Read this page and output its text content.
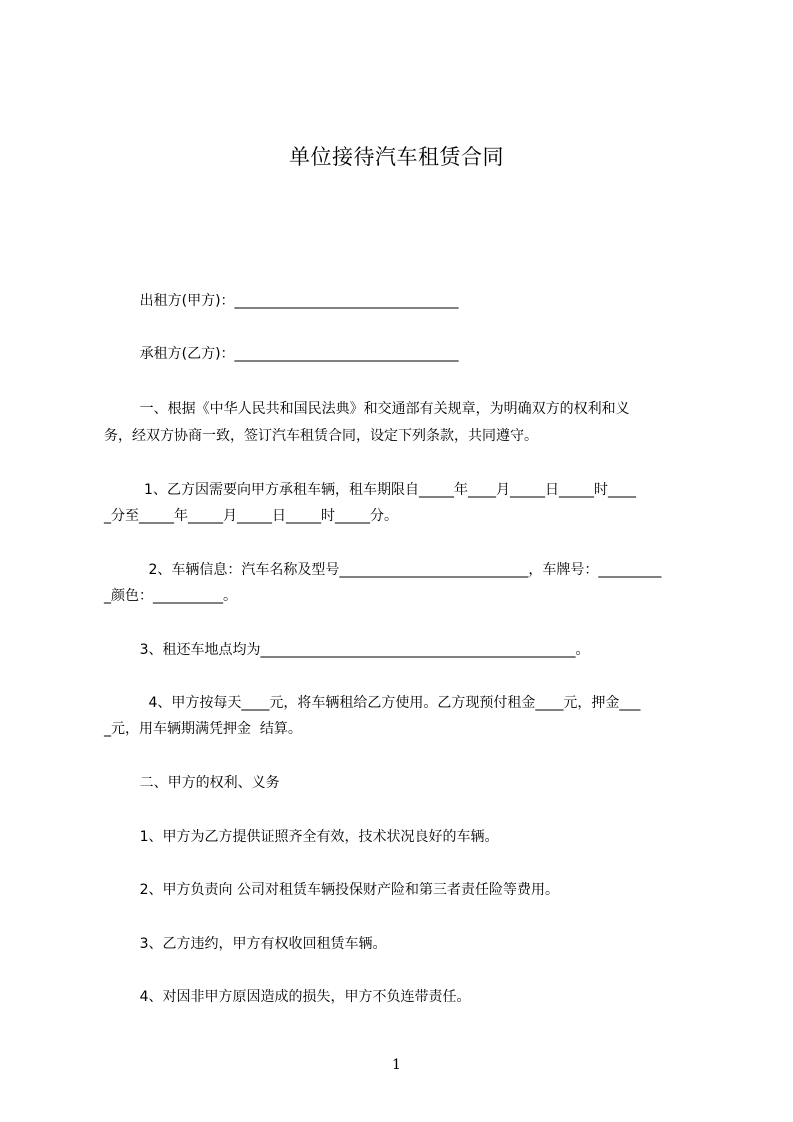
单位接待汽车租赁合同

出租方(甲方)：________________________________

承租方(乙方)：________________________________

一、根据《中华人民共和国民法典》和交通部有关规章，为明确双方的权利和义

务，经双方协商一致，签订汽车租赁合同，设定下列条款，共同遵守。

1、乙方因需要向甲方承租车辆，租车期限自_____年____月_____日_____时____

_分至_____年_____月_____日_____时_____分。

2、车辆信息：汽车名称及型号___________________________，车牌号：_________

_颜色：__________。

3、租还车地点均为_____________________________________________。

4、甲方按每天____元，将车辆租给乙方使用。乙方现预付租金____元，押金___

_元，用车辆期满凭押金  结算。

二、甲方的权利、义务

1、甲方为乙方提供证照齐全有效，技术状况良好的车辆。

2、甲方负责向 公司对租赁车辆投保财产险和第三者责任险等费用。

3、乙方违约，甲方有权收回租赁车辆。

4、对因非甲方原因造成的损失，甲方不负连带责任。

1
